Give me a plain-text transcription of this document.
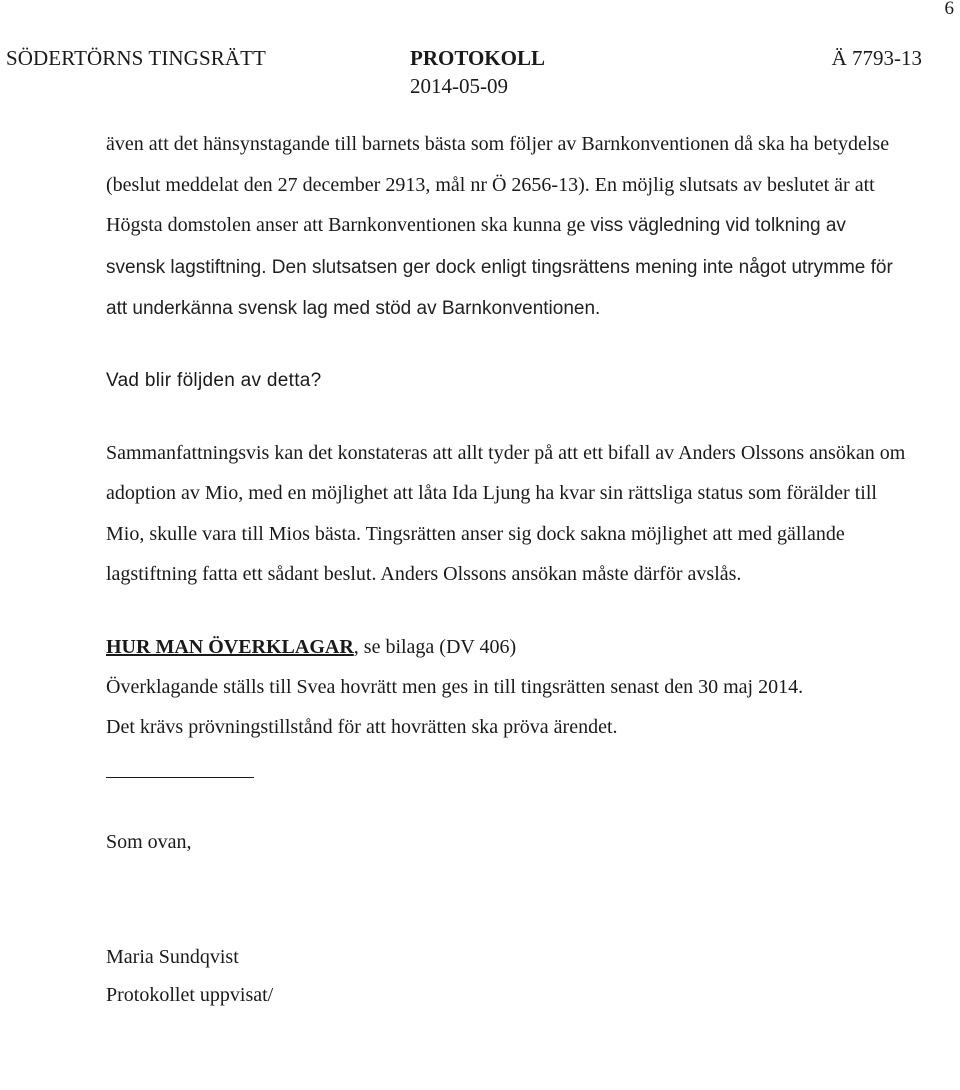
6
SÖDERTÖRNS TINGSRÄTT	PROTOKOLL
2014-05-09
Ä 7793-13

även att det hänsynstagande till barnets bästa som följer av Barnkonventionen då ska ha betydelse (beslut meddelat den 27 december 2913, mål nr Ö 2656-13). En möjlig slutsats av beslutet är att Högsta domstolen anser att Barnkonventionen ska kunna ge viss vägledning vid tolkning av svensk lagstiftning. Den slutsatsen ger dock enligt tingsrättens mening inte något utrymme för att underkänna svensk lag med stöd av Barnkonventionen.

Vad blir följden av detta?

Sammanfattningsvis kan det konstateras att allt tyder på att ett bifall av Anders Olssons ansökan om adoption av Mio, med en möjlighet att låta Ida Ljung ha kvar sin rättsliga status som förälder till Mio, skulle vara till Mios bästa. Tingsrätten anser sig dock sakna möjlighet att med gällande lagstiftning fatta ett sådant beslut. Anders Olssons ansökan måste därför avslås.

HUR MAN ÖVERKLAGAR, se bilaga (DV 406)

Överklagande ställs till Svea hovrätt men ges in till tingsrätten senast den 30 maj 2014.

Det krävs prövningstillstånd för att hovrätten ska pröva ärendet.

Som ovan,

Maria Sundqvist

Protokollet uppvisat/
